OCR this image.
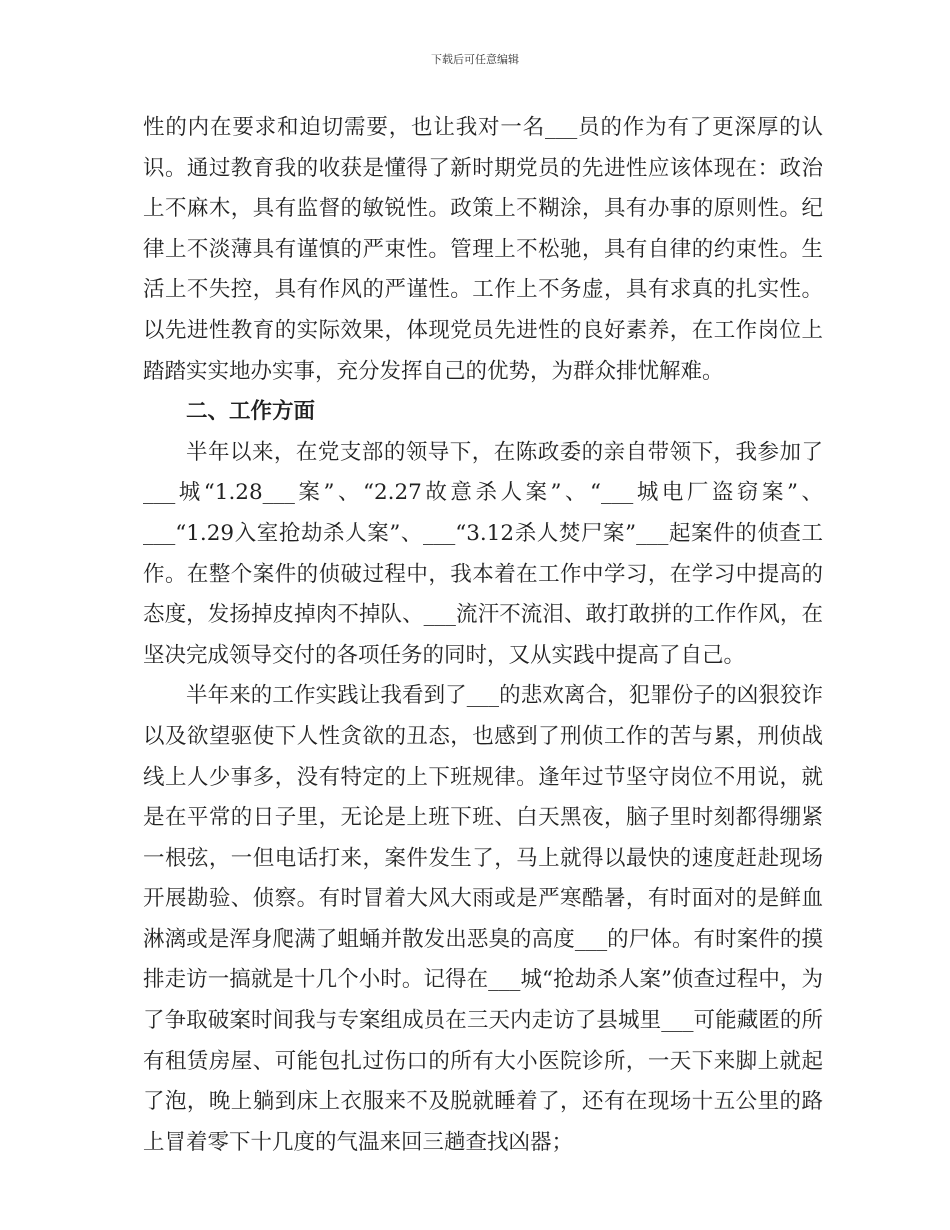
下载后可任意编辑

性的内在要求和迫切需要，也让我对一名___员的作为有了更深厚的认识。通过教育我的收获是懂得了新时期党员的先进性应该体现在：政治上不麻木，具有监督的敏锐性。政策上不糊涂，具有办事的原则性。纪律上不淡薄具有谨慎的严束性。管理上不松驰，具有自律的约束性。生活上不失控，具有作风的严谨性。工作上不务虚，具有求真的扎实性。以先进性教育的实际效果，体现党员先进性的良好素养，在工作岗位上踏踏实实地办实事，充分发挥自己的优势，为群众排忧解难。

二、工作方面

半年以来，在党支部的领导下，在陈政委的亲自带领下，我参加了___城“1.28___案”、“2.27故意杀人案”、“___城电厂盗窃案”、___“1.29入室抢劫杀人案”、___“3.12杀人焚尸案”___起案件的侦查工作。在整个案件的侦破过程中，我本着在工作中学习，在学习中提高的态度，发扬掉皮掉肉不掉队、___流汗不流泪、敢打敢拼的工作作风，在坚决完成领导交付的各项任务的同时，又从实践中提高了自己。

半年来的工作实践让我看到了___的悲欢离合，犯罪份子的凶狠狡诈以及欲望驱使下人性贪欲的丑态，也感到了刑侦工作的苦与累，刑侦战线上人少事多，没有特定的上下班规律。逢年过节坚守岗位不用说，就是在平常的日子里，无论是上班下班、白天黑夜，脑子里时刻都得绷紧一根弦，一但电话打来，案件发生了，马上就得以最快的速度赶赴现场开展勘验、侦察。有时冒着大风大雨或是严寒酷暑，有时面对的是鲜血淋漓或是浑身爬满了蛆蛹并散发出恶臭的高度___的尸体。有时案件的摸排走访一搞就是十几个小时。记得在___城“抢劫杀人案”侦查过程中，为了争取破案时间我与专案组成员在三天内走访了县城里___可能藏匿的所有租赁房屋、可能包扎过伤口的所有大小医院诊所，一天下来脚上就起了泡，晚上躺到床上衣服来不及脱就睡着了，还有在现场十五公里的路上冒着零下十几度的气温来回三趟查找凶器；
